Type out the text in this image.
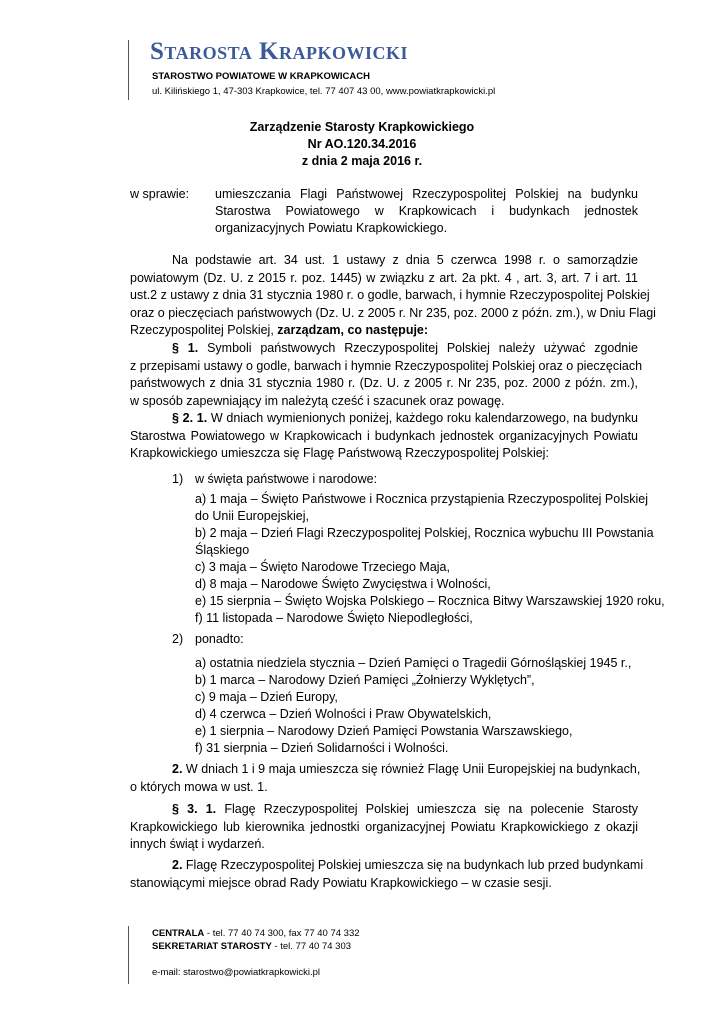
Starosta Krapkowicki
STAROSTWO POWIATOWE W KRAPKOWICACH
ul. Kilińskiego 1, 47-303 Krapkowice, tel. 77 407 43 00, www.powiatkrapkowicki.pl
Zarządzenie Starosty Krapkowickiego
Nr AO.120.34.2016
z dnia 2 maja 2016 r.
w sprawie: umieszczania Flagi Państwowej Rzeczypospolitej Polskiej na budynku
Starostwa Powiatowego w Krapkowicach i budynkach jednostek
organizacyjnych Powiatu Krapkowickiego.
Na podstawie art. 34 ust. 1 ustawy z dnia 5 czerwca 1998 r. o samorządzie
powiatowym (Dz. U. z 2015 r. poz. 1445) w związku z art. 2a pkt. 4 , art. 3, art. 7 i art. 11
ust.2 z ustawy z dnia 31 stycznia 1980 r. o godle, barwach, i hymnie Rzeczypospolitej Polskiej
oraz o pieczęciach państwowych (Dz. U. z 2005 r. Nr 235, poz. 2000 z późn. zm.), w Dniu Flagi
Rzeczypospolitej Polskiej, zarządzam, co następuje:
§ 1. Symboli państwowych Rzeczypospolitej Polskiej należy używać zgodnie
z przepisami ustawy o godle, barwach i hymnie Rzeczypospolitej Polskiej oraz o pieczęciach
państwowych z dnia 31 stycznia 1980 r. (Dz. U. z 2005 r. Nr 235, poz. 2000 z późn. zm.),
w sposób zapewniający im należytą cześć i szacunek oraz powagę.
§ 2. 1. W dniach wymienionych poniżej, każdego roku kalendarzowego, na budynku
Starostwa Powiatowego w Krapkowicach i budynkach jednostek organizacyjnych Powiatu
Krapkowickiego umieszcza się Flagę Państwową Rzeczypospolitej Polskiej:
1) w święta państwowe i narodowe:
a) 1 maja – Święto Państwowe i Rocznica przystąpienia Rzeczypospolitej Polskiej
do Unii Europejskiej,
b) 2 maja – Dzień Flagi Rzeczypospolitej Polskiej, Rocznica wybuchu III Powstania
Śląskiego
c) 3 maja – Święto Narodowe Trzeciego Maja,
d) 8 maja – Narodowe Święto Zwycięstwa i Wolności,
e) 15 sierpnia – Święto Wojska Polskiego – Rocznica Bitwy Warszawskiej 1920 roku,
f) 11 listopada – Narodowe Święto Niepodległości,
2) ponadto:
a) ostatnia niedziela stycznia – Dzień Pamięci o Tragedii Górnośląskiej 1945 r.,
b) 1 marca – Narodowy Dzień Pamięci „Żołnierzy Wyklętych”,
c) 9 maja – Dzień Europy,
d) 4 czerwca – Dzień Wolności i Praw Obywatelskich,
e) 1 sierpnia – Narodowy Dzień Pamięci Powstania Warszawskiego,
f) 31 sierpnia – Dzień Solidarności i Wolności.
2. W dniach 1 i 9 maja umieszcza się również Flagę Unii Europejskiej na budynkach,
o których mowa w ust. 1.
§ 3. 1. Flagę Rzeczypospolitej Polskiej umieszcza się na polecenie Starosty
Krapkowickiego lub kierownika jednostki organizacyjnej Powiatu Krapkowickiego z okazji
innych świąt i wydarzeń.
2. Flagę Rzeczypospolitej Polskiej umieszcza się na budynkach lub przed budynkami
stanowiącymi miejsce obrad Rady Powiatu Krapkowickiego – w czasie sesji.
CENTRALA - tel. 77 40 74 300, fax 77 40 74 332
SEKRETARIAT STAROSTY - tel. 77 40 74 303
e-mail: starostwo@powiatkrapkowicki.pl
